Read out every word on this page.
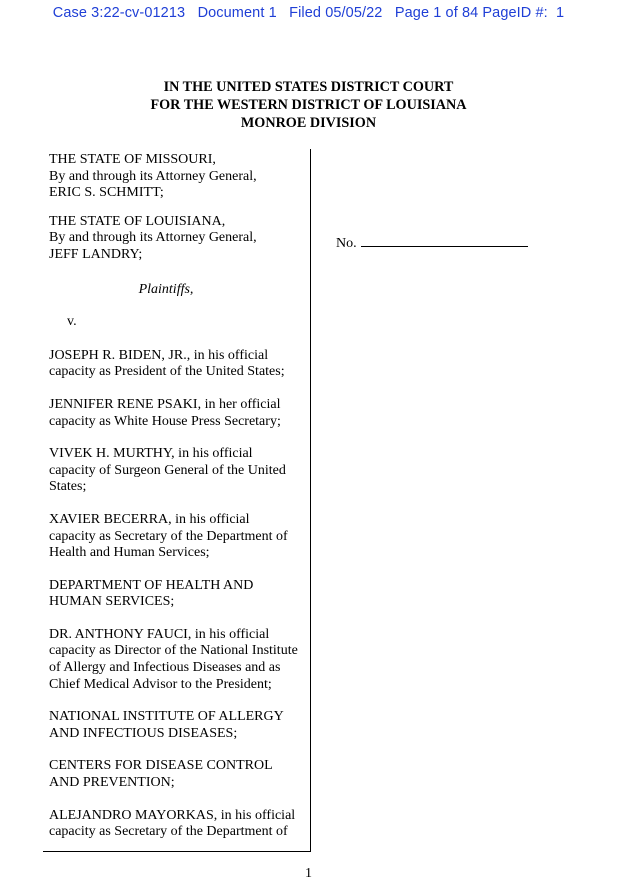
Case 3:22-cv-01213 Document 1 Filed 05/05/22 Page 1 of 84 PageID #:  1
IN THE UNITED STATES DISTRICT COURT
FOR THE WESTERN DISTRICT OF LOUISIANA
MONROE DIVISION
THE STATE OF MISSOURI,
By and through its Attorney General,
ERIC S. SCHMITT;
THE STATE OF LOUISIANA,
By and through its Attorney General,
JEFF LANDRY;
Plaintiffs,
v.
JOSEPH R. BIDEN, JR., in his official
capacity as President of the United States;
JENNIFER RENE PSAKI, in her official
capacity as White House Press Secretary;
VIVEK H. MURTHY, in his official
capacity of Surgeon General of the United
States;
XAVIER BECERRA, in his official
capacity as Secretary of the Department of
Health and Human Services;
DEPARTMENT OF HEALTH AND
HUMAN SERVICES;
DR. ANTHONY FAUCI, in his official
capacity as Director of the National Institute
of Allergy and Infectious Diseases and as
Chief Medical Advisor to the President;
NATIONAL INSTITUTE OF ALLERGY
AND INFECTIOUS DISEASES;
CENTERS FOR DISEASE CONTROL
AND PREVENTION;
ALEJANDRO MAYORKAS, in his official
capacity as Secretary of the Department of
No.
1
